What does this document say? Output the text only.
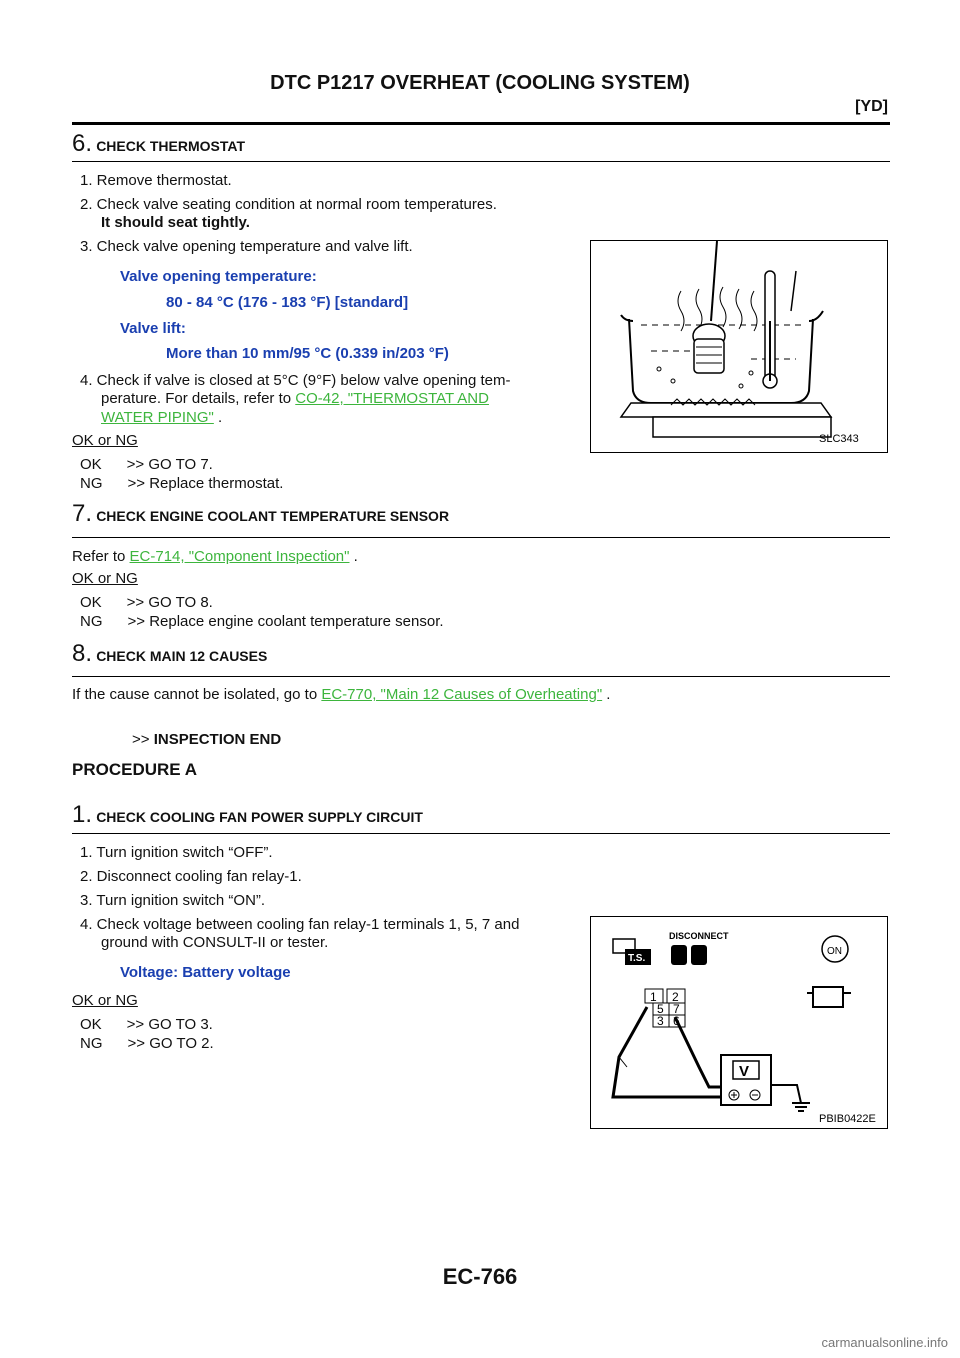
DTC P1217 OVERHEAT (COOLING SYSTEM)
[YD]
6. CHECK THERMOSTAT
1. Remove thermostat.
2. Check valve seating condition at normal room temperatures.
It should seat tightly.
3. Check valve opening temperature and valve lift.
Valve opening temperature:
80 - 84 °C (176 - 183 °F) [standard]
Valve lift:
More than 10 mm/95 °C (0.339 in/203 °F)
4. Check if valve is closed at 5°C (9°F) below valve opening tem-
perature. For details, refer to CO-42, "THERMOSTAT AND
WATER PIPING" .
OK or NG
OK      >> GO TO 7.
NG      >> Replace thermostat.
SLC343
7. CHECK ENGINE COOLANT TEMPERATURE SENSOR
Refer to EC-714, "Component Inspection" .
OK or NG
OK      >> GO TO 8.
NG      >> Replace engine coolant temperature sensor.
8. CHECK MAIN 12 CAUSES
If the cause cannot be isolated, go to EC-770, "Main 12 Causes of Overheating" .
>> INSPECTION END
PROCEDURE A
1. CHECK COOLING FAN POWER SUPPLY CIRCUIT
1. Turn ignition switch “OFF”.
2. Disconnect cooling fan relay-1.
3. Turn ignition switch “ON”.
4. Check voltage between cooling fan relay-1 terminals 1, 5, 7 and
ground with CONSULT-II or tester.
Voltage: Battery voltage
OK or NG
OK      >> GO TO 3.
NG      >> GO TO 2.
T.S.
DISCONNECT
ON
1 2
5 7
3 6
V
PBIB0422E
EC-766
carmanualsonline.info
